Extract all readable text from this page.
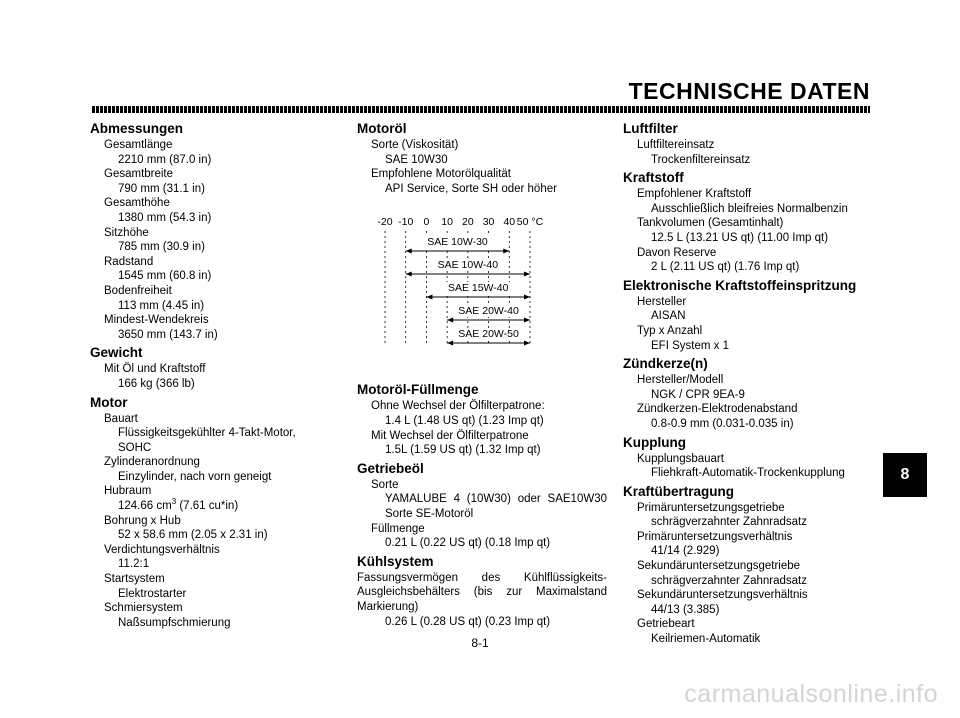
TECHNISCHE DATEN
Abmessungen
Gesamtlänge
2210 mm (87.0 in)
Gesamtbreite
790 mm (31.1 in)
Gesamthöhe
1380 mm (54.3 in)
Sitzhöhe
785 mm (30.9 in)
Radstand
1545 mm (60.8 in)
Bodenfreiheit
113 mm (4.45 in)
Mindest-Wendekreis
3650 mm (143.7 in)
Gewicht
Mit Öl und Kraftstoff
166 kg (366 lb)
Motor
Bauart
Flüssigkeitsgekühlter 4-Takt-Motor,
SOHC
Zylinderanordnung
Einzylinder, nach vorn geneigt
Hubraum
124.66 $cm^3$ (7.61 cu*in)
Bohrung x Hub
52 x 58.6 mm (2.05 x 2.31 in)
Verdichtungsverhältnis
11.2:1
Startsystem
Elektrostarter
Schmiersystem
Naßsumpfschmierung
Motoröl
Sorte (Viskosität)
SAE 10W30
Empfohlene Motorölqualität
API Service, Sorte SH oder höher
-20 -10 0 10 20 30 40 50 °C
SAE 10W-30
SAE 10W-40
SAE 15W-40
SAE 20W-40
SAE 20W-50
Motoröl-Füllmenge
Ohne Wechsel der Ölfilterpatrone:
1.4 L (1.48 US qt) (1.23 Imp qt)
Mit Wechsel der Ölfilterpatrone
1.5L (1.59 US qt) (1.32 Imp qt)
Getriebeöl
Sorte
YAMALUBE 4 (10W30) oder SAE10W30
Sorte SE-Motoröl
Füllmenge
0.21 L (0.22 US qt) (0.18 Imp qt)
Kühlsystem
Fassungsvermögen des Kühlflüssigkeits-
Ausgleichsbehälters (bis zur Maximalstand
Markierung)
0.26 L (0.28 US qt) (0.23 Imp qt)
Luftfilter
Luftfiltereinsatz
Trockenfiltereinsatz
Kraftstoff
Empfohlener Kraftstoff
Ausschließlich bleifreies Normalbenzin
Tankvolumen (Gesamtinhalt)
12.5 L (13.21 US qt) (11.00 Imp qt)
Davon Reserve
2 L (2.11 US qt) (1.76 Imp qt)
Elektronische Kraftstoffeinspritzung
Hersteller
AISAN
Typ x Anzahl
EFI System x 1
Zündkerze(n)
Hersteller/Modell
NGK / CPR 9EA-9
Zündkerzen-Elektrodenabstand
0.8-0.9 mm (0.031-0.035 in)
Kupplung
Kupplungsbauart
Fliehkraft-Automatik-Trockenkupplung
Kraftübertragung
Primäruntersetzungsgetriebe
schrägverzahnter Zahnradsatz
Primäruntersetzungsverhältnis
41/14 (2.929)
Sekundäruntersetzungsgetriebe
schrägverzahnter Zahnradsatz
Sekundäruntersetzungsverhältnis
44/13 (3.385)
Getriebeart
Keilriemen-Automatik
8
8-1
carmanualsonline.info
